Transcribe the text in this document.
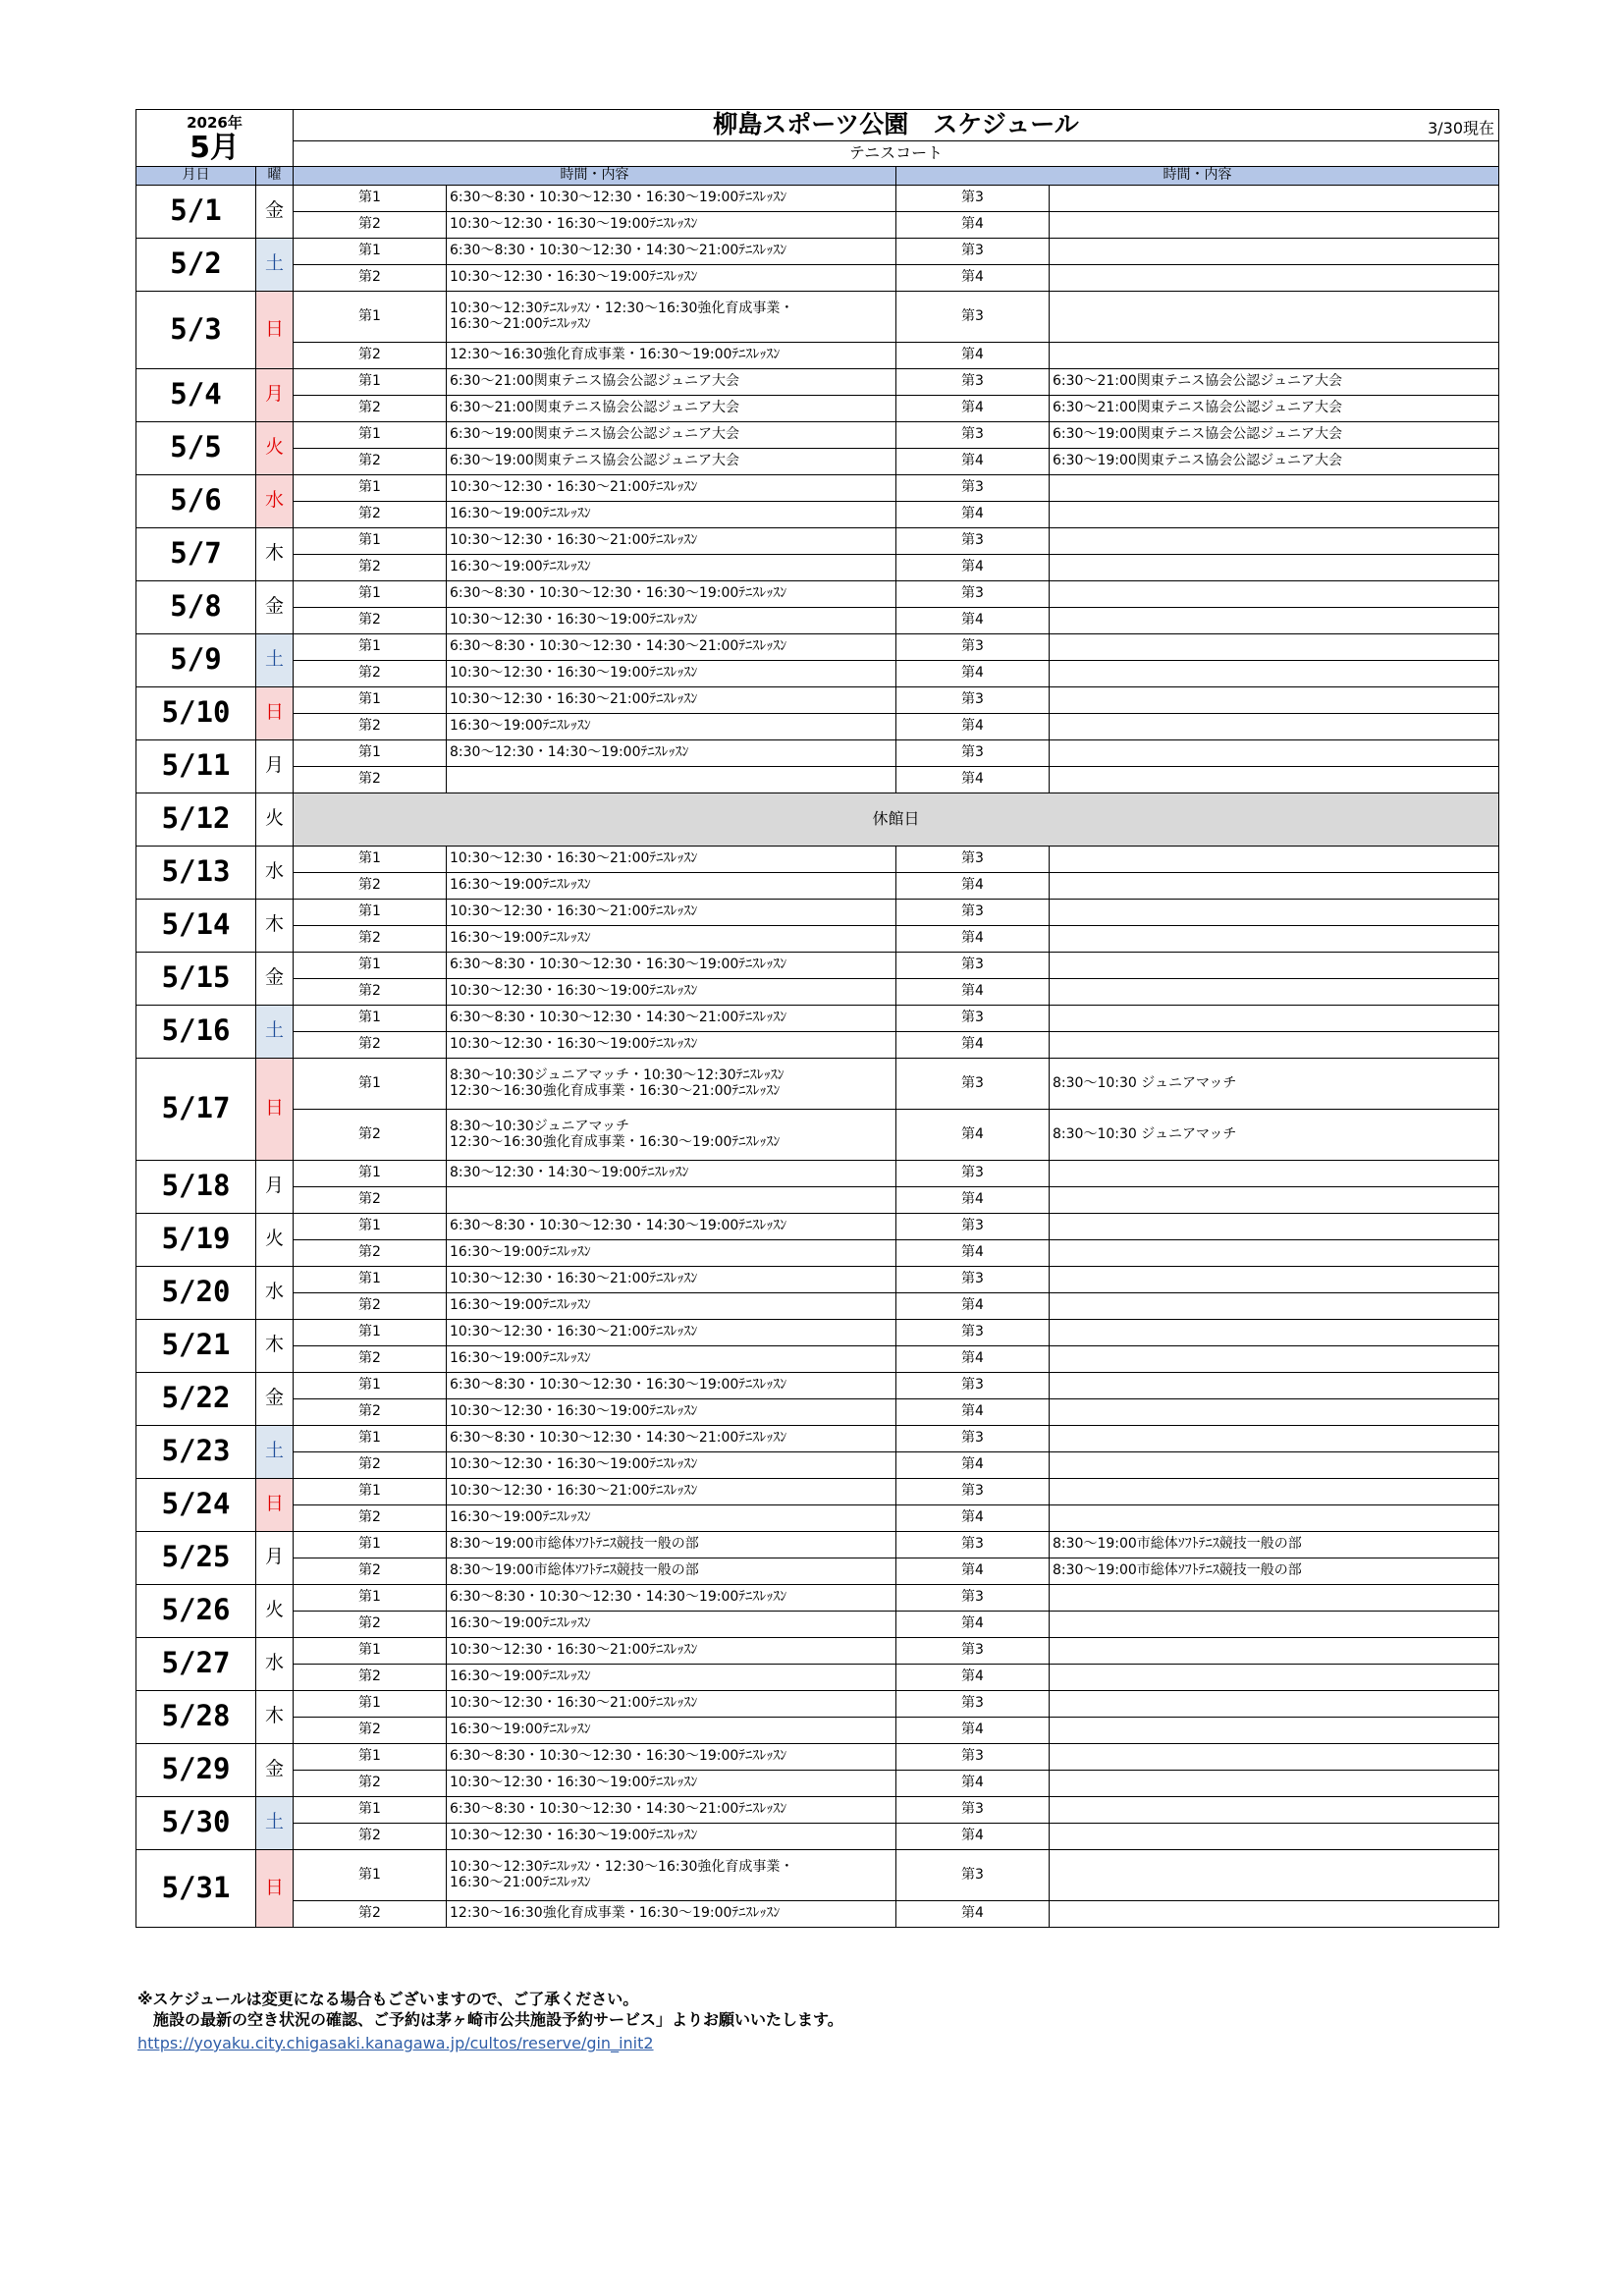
2026年		柳島スポーツ公園　スケジュール 3/30現在			

5月					
		テニスコート			
月日	曜	時間・内容		時間・内容	
5/1	金	第1	6:30～8:30・10:30～12:30・16:30～19:00ﾃﾆｽﾚｯｽﾝ	第3	
		第2	10:30～12:30・16:30～19:00ﾃﾆｽﾚｯｽﾝ	第4	
5/2	土	第1	6:30～8:30・10:30～12:30・14:30～21:00ﾃﾆｽﾚｯｽﾝ	第3	
		第2	10:30～12:30・16:30～19:00ﾃﾆｽﾚｯｽﾝ	第4	
5/3	日	第1	10:30～12:30ﾃﾆｽﾚｯｽﾝ・12:30～16:30強化育成事業・
16:30～21:00ﾃﾆｽﾚｯｽﾝ	第3	
		第2	12:30～16:30強化育成事業・16:30～19:00ﾃﾆｽﾚｯｽﾝ	第4	
5/4	月	第1	6:30～21:00関東テニス協会公認ジュニア大会	第3	6:30～21:00関東テニス協会公認ジュニア大会
		第2	6:30～21:00関東テニス協会公認ジュニア大会	第4	6:30～21:00関東テニス協会公認ジュニア大会
5/5	火	第1	6:30～19:00関東テニス協会公認ジュニア大会	第3	6:30～19:00関東テニス協会公認ジュニア大会
		第2	6:30～19:00関東テニス協会公認ジュニア大会	第4	6:30～19:00関東テニス協会公認ジュニア大会
5/6	水	第1	10:30～12:30・16:30～21:00ﾃﾆｽﾚｯｽﾝ	第3	
		第2	16:30～19:00ﾃﾆｽﾚｯｽﾝ	第4	
5/7	木	第1	10:30～12:30・16:30～21:00ﾃﾆｽﾚｯｽﾝ	第3	
		第2	16:30～19:00ﾃﾆｽﾚｯｽﾝ	第4	
5/8	金	第1	6:30～8:30・10:30～12:30・16:30～19:00ﾃﾆｽﾚｯｽﾝ	第3	
		第2	10:30～12:30・16:30～19:00ﾃﾆｽﾚｯｽﾝ	第4	
5/9	土	第1	6:30～8:30・10:30～12:30・14:30～21:00ﾃﾆｽﾚｯｽﾝ	第3	
		第2	10:30～12:30・16:30～19:00ﾃﾆｽﾚｯｽﾝ	第4	
5/10	日	第1	10:30～12:30・16:30～21:00ﾃﾆｽﾚｯｽﾝ	第3	
		第2	16:30～19:00ﾃﾆｽﾚｯｽﾝ	第4	
5/11	月	第1	8:30～12:30・14:30～19:00ﾃﾆｽﾚｯｽﾝ	第3	
		第2		第4	
5/12	火	休館日			
5/13	水	第1	10:30～12:30・16:30～21:00ﾃﾆｽﾚｯｽﾝ	第3	
		第2	16:30～19:00ﾃﾆｽﾚｯｽﾝ	第4	
5/14	木	第1	10:30～12:30・16:30～21:00ﾃﾆｽﾚｯｽﾝ	第3	
		第2	16:30～19:00ﾃﾆｽﾚｯｽﾝ	第4	
5/15	金	第1	6:30～8:30・10:30～12:30・16:30～19:00ﾃﾆｽﾚｯｽﾝ	第3	
		第2	10:30～12:30・16:30～19:00ﾃﾆｽﾚｯｽﾝ	第4	
5/16	土	第1	6:30～8:30・10:30～12:30・14:30～21:00ﾃﾆｽﾚｯｽﾝ	第3	
		第2	10:30～12:30・16:30～19:00ﾃﾆｽﾚｯｽﾝ	第4	
5/17	日	第1	8:30～10:30ジュニアマッチ・10:30～12:30ﾃﾆｽﾚｯｽﾝ
12:30～16:30強化育成事業・16:30～21:00ﾃﾆｽﾚｯｽﾝ	第3	8:30～10:30 ジュニアマッチ
		第2	8:30～10:30ジュニアマッチ
12:30～16:30強化育成事業・16:30～19:00ﾃﾆｽﾚｯｽﾝ	第4	8:30～10:30 ジュニアマッチ
5/18	月	第1	8:30～12:30・14:30～19:00ﾃﾆｽﾚｯｽﾝ	第3	
		第2		第4	
5/19	火	第1	6:30～8:30・10:30～12:30・14:30～19:00ﾃﾆｽﾚｯｽﾝ	第3	
		第2	16:30～19:00ﾃﾆｽﾚｯｽﾝ	第4	
5/20	水	第1	10:30～12:30・16:30～21:00ﾃﾆｽﾚｯｽﾝ	第3	
		第2	16:30～19:00ﾃﾆｽﾚｯｽﾝ	第4	
5/21	木	第1	10:30～12:30・16:30～21:00ﾃﾆｽﾚｯｽﾝ	第3	
		第2	16:30～19:00ﾃﾆｽﾚｯｽﾝ	第4	
5/22	金	第1	6:30～8:30・10:30～12:30・16:30～19:00ﾃﾆｽﾚｯｽﾝ	第3	
		第2	10:30～12:30・16:30～19:00ﾃﾆｽﾚｯｽﾝ	第4	
5/23	土	第1	6:30～8:30・10:30～12:30・14:30～21:00ﾃﾆｽﾚｯｽﾝ	第3	
		第2	10:30～12:30・16:30～19:00ﾃﾆｽﾚｯｽﾝ	第4	
5/24	日	第1	10:30～12:30・16:30～21:00ﾃﾆｽﾚｯｽﾝ	第3	
		第2	16:30～19:00ﾃﾆｽﾚｯｽﾝ	第4	
5/25	月	第1	8:30～19:00市総体ｿﾌﾄﾃﾆｽ競技一般の部	第3	8:30～19:00市総体ｿﾌﾄﾃﾆｽ競技一般の部
		第2	8:30～19:00市総体ｿﾌﾄﾃﾆｽ競技一般の部	第4	8:30～19:00市総体ｿﾌﾄﾃﾆｽ競技一般の部
5/26	火	第1	6:30～8:30・10:30～12:30・14:30～19:00ﾃﾆｽﾚｯｽﾝ	第3	
		第2	16:30～19:00ﾃﾆｽﾚｯｽﾝ	第4	
5/27	水	第1	10:30～12:30・16:30～21:00ﾃﾆｽﾚｯｽﾝ	第3	
		第2	16:30～19:00ﾃﾆｽﾚｯｽﾝ	第4	
5/28	木	第1	10:30～12:30・16:30～21:00ﾃﾆｽﾚｯｽﾝ	第3	
		第2	16:30～19:00ﾃﾆｽﾚｯｽﾝ	第4	
5/29	金	第1	6:30～8:30・10:30～12:30・16:30～19:00ﾃﾆｽﾚｯｽﾝ	第3	
		第2	10:30～12:30・16:30～19:00ﾃﾆｽﾚｯｽﾝ	第4	
5/30	土	第1	6:30～8:30・10:30～12:30・14:30～21:00ﾃﾆｽﾚｯｽﾝ	第3	
		第2	10:30～12:30・16:30～19:00ﾃﾆｽﾚｯｽﾝ	第4	
5/31	日	第1	10:30～12:30ﾃﾆｽﾚｯｽﾝ・12:30～16:30強化育成事業・
16:30～21:00ﾃﾆｽﾚｯｽﾝ	第3	
		第2	12:30～16:30強化育成事業・16:30～19:00ﾃﾆｽﾚｯｽﾝ	第4	
※スケジュールは変更になる場合もございますので、ご了承ください。
　施設の最新の空き状況の確認、ご予約は茅ヶ崎市公共施設予約サービス」よりお願いいたします。
https://yoyaku.city.chigasaki.kanagawa.jp/cultos/reserve/gin_init2
